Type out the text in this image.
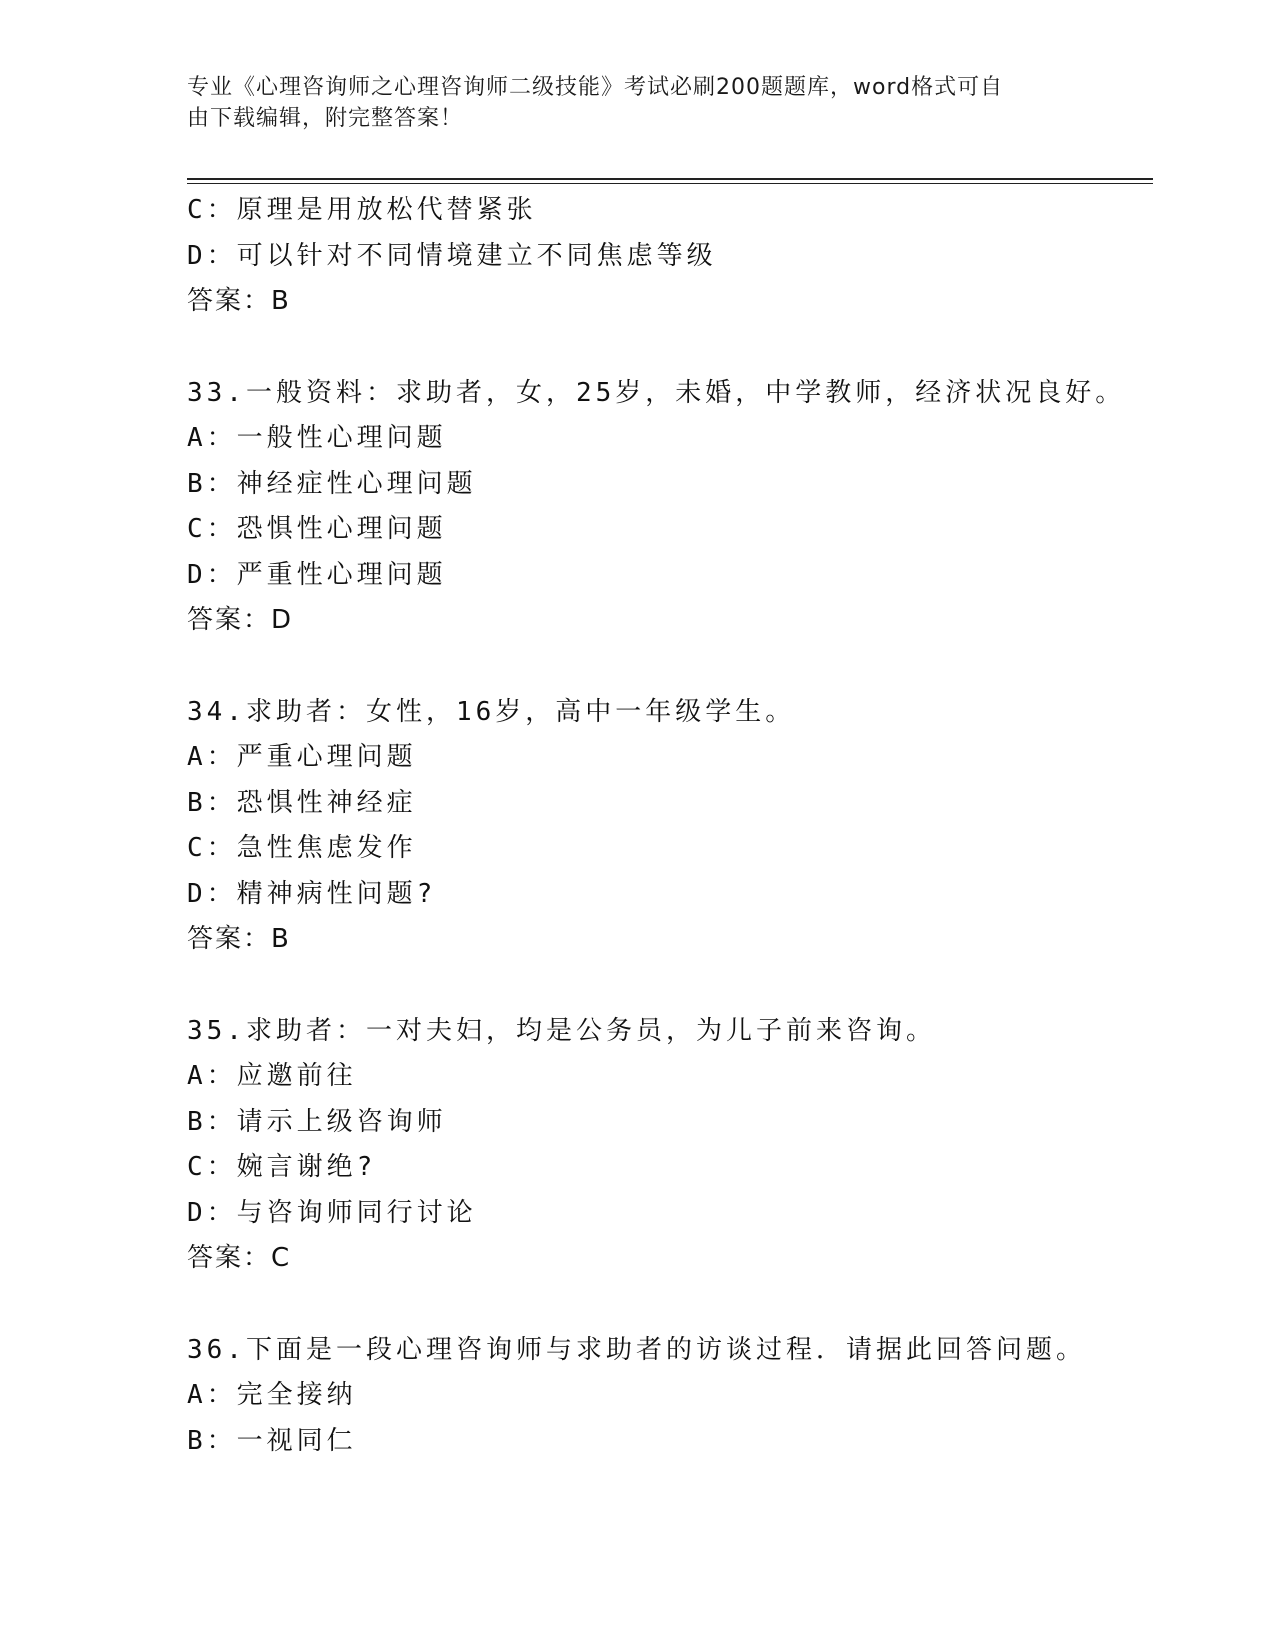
专业《心理咨询师之心理咨询师二级技能》考试必刷200题题库，word格式可自
由下载编辑，附完整答案！
C：原理是用放松代替紧张
D：可以针对不同情境建立不同焦虑等级
答案：B
33.一般资料：求助者，女，25岁，未婚，中学教师，经济状况良好。
A：一般性心理问题
B：神经症性心理问题
C：恐惧性心理问题
D：严重性心理问题
答案：D
34.求助者：女性，16岁，高中一年级学生。
A：严重心理问题
B：恐惧性神经症
C：急性焦虑发作
D：精神病性问题?
答案：B
35.求助者：一对夫妇，均是公务员，为儿子前来咨询。
A：应邀前往
B：请示上级咨询师
C：婉言谢绝?
D：与咨询师同行讨论
答案：C
36.下面是一段心理咨询师与求助者的访谈过程．请据此回答问题。
A：完全接纳
B：一视同仁
